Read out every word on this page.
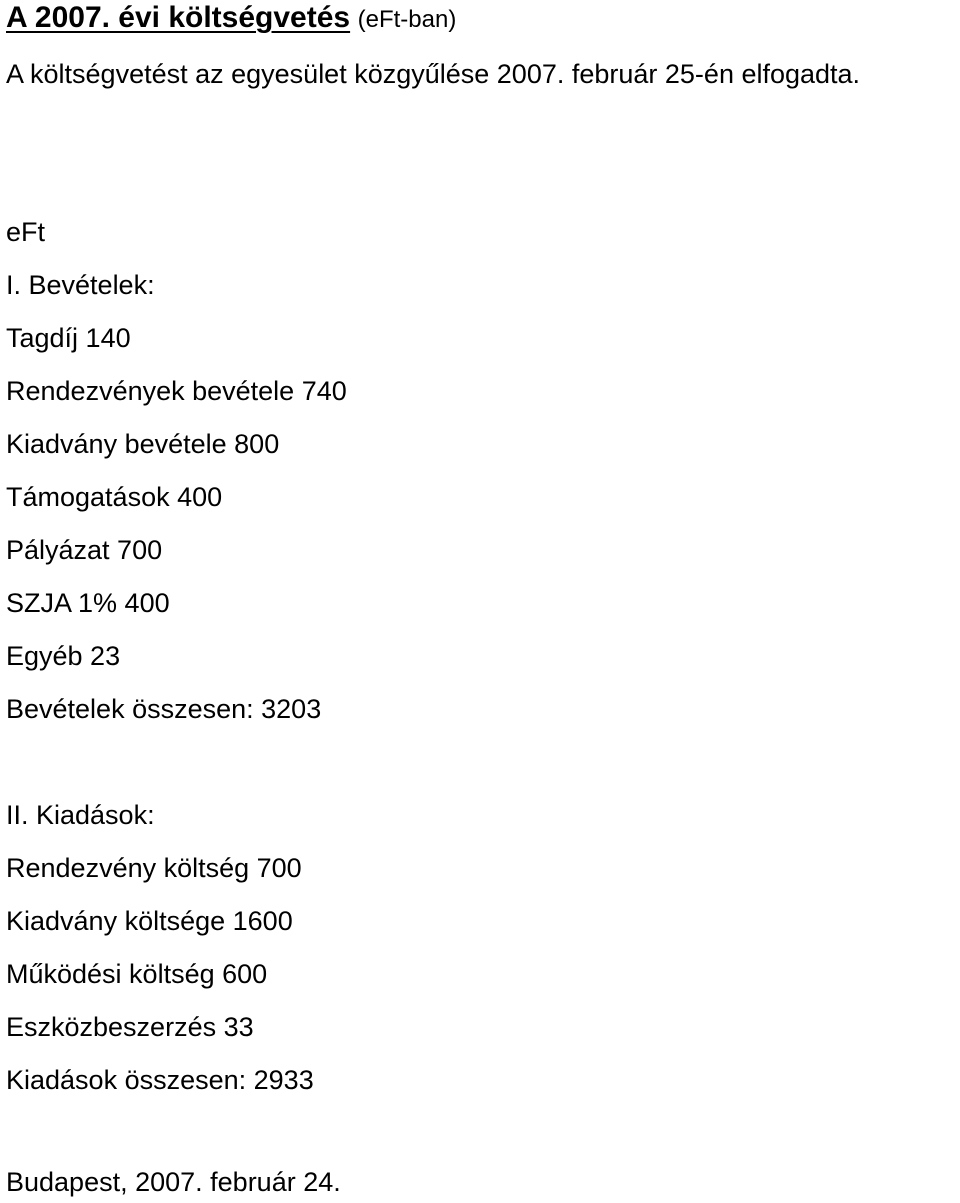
A 2007. évi költségvetés (eFt-ban)
A költségvetést az egyesület közgyűlése 2007. február 25-én elfogadta.
eFt
I. Bevételek:
Tagdíj 140
Rendezvények bevétele 740
Kiadvány bevétele 800
Támogatások 400
Pályázat 700
SZJA 1% 400
Egyéb 23
Bevételek összesen: 3203
II. Kiadások:
Rendezvény költség 700
Kiadvány költsége 1600
Működési költség 600
Eszközbeszerzés 33
Kiadások összesen: 2933
Budapest, 2007. február 24.
